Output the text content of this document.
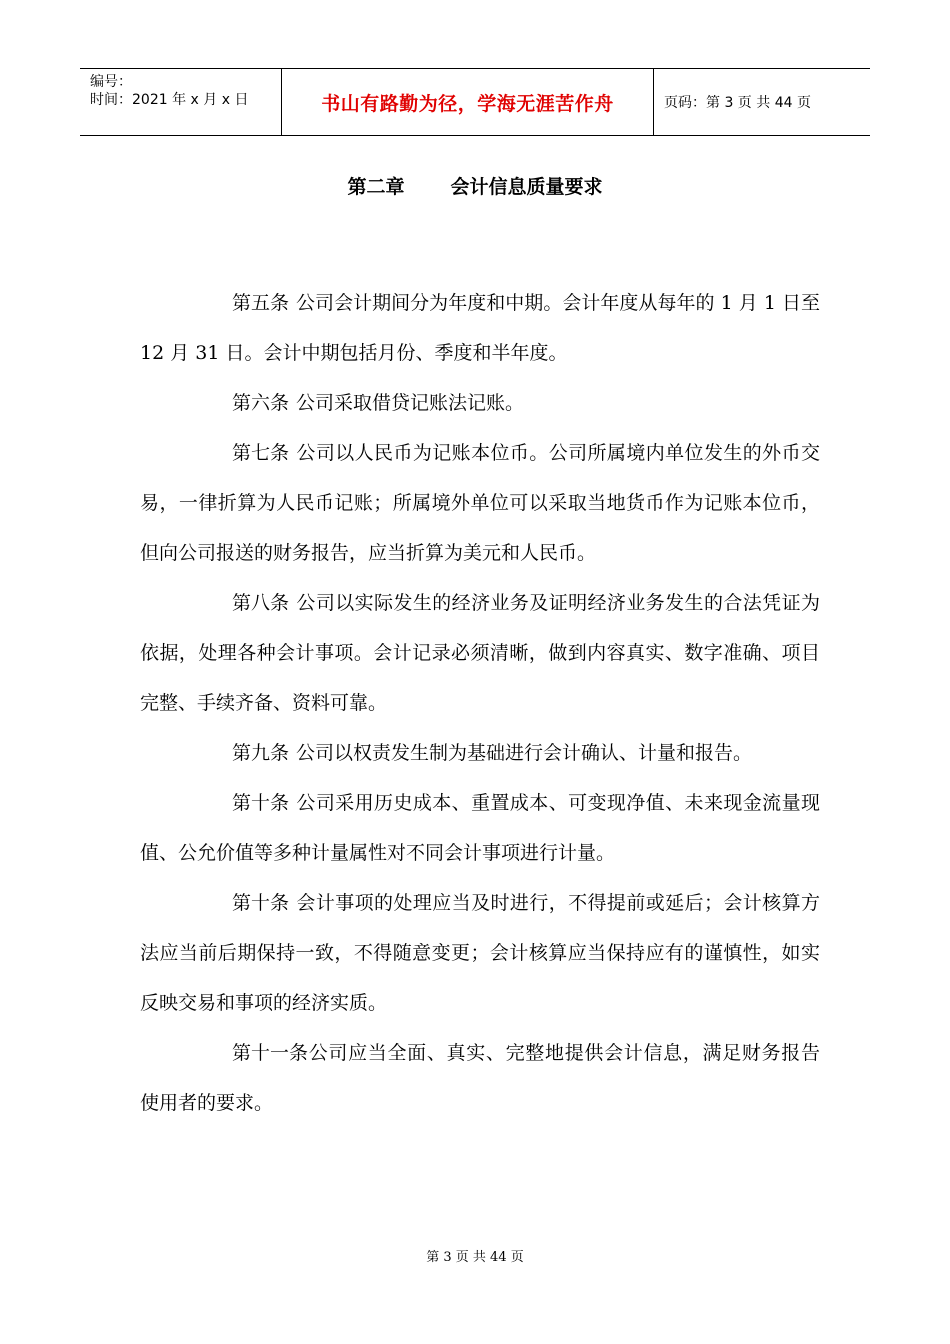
编号：
时间：2021 年 x 月 x 日	书山有路勤为径，学海无涯苦作舟	页码：第 3 页 共 44 页
第二章 会计信息质量要求

第五条 公司会计期间分为年度和中期。会计年度从每年的 1 月 1 日至 12 月 31 日。会计中期包括月份、季度和半年度。

第六条 公司采取借贷记账法记账。

第七条 公司以人民币为记账本位币。公司所属境内单位发生的外币交易，一律折算为人民币记账；所属境外单位可以采取当地货币作为记账本位币，但向公司报送的财务报告，应当折算为美元和人民币。

第八条 公司以实际发生的经济业务及证明经济业务发生的合法凭证为依据，处理各种会计事项。会计记录必须清晰，做到内容真实、数字准确、项目完整、手续齐备、资料可靠。

第九条 公司以权责发生制为基础进行会计确认、计量和报告。

第十条 公司采用历史成本、重置成本、可变现净值、未来现金流量现值、公允价值等多种计量属性对不同会计事项进行计量。

第十条 会计事项的处理应当及时进行，不得提前或延后；会计核算方法应当前后期保持一致，不得随意变更；会计核算应当保持应有的谨慎性，如实反映交易和事项的经济实质。

第十一条公司应当全面、真实、完整地提供会计信息，满足财务报告使用者的要求。

第 3 页 共 44 页
